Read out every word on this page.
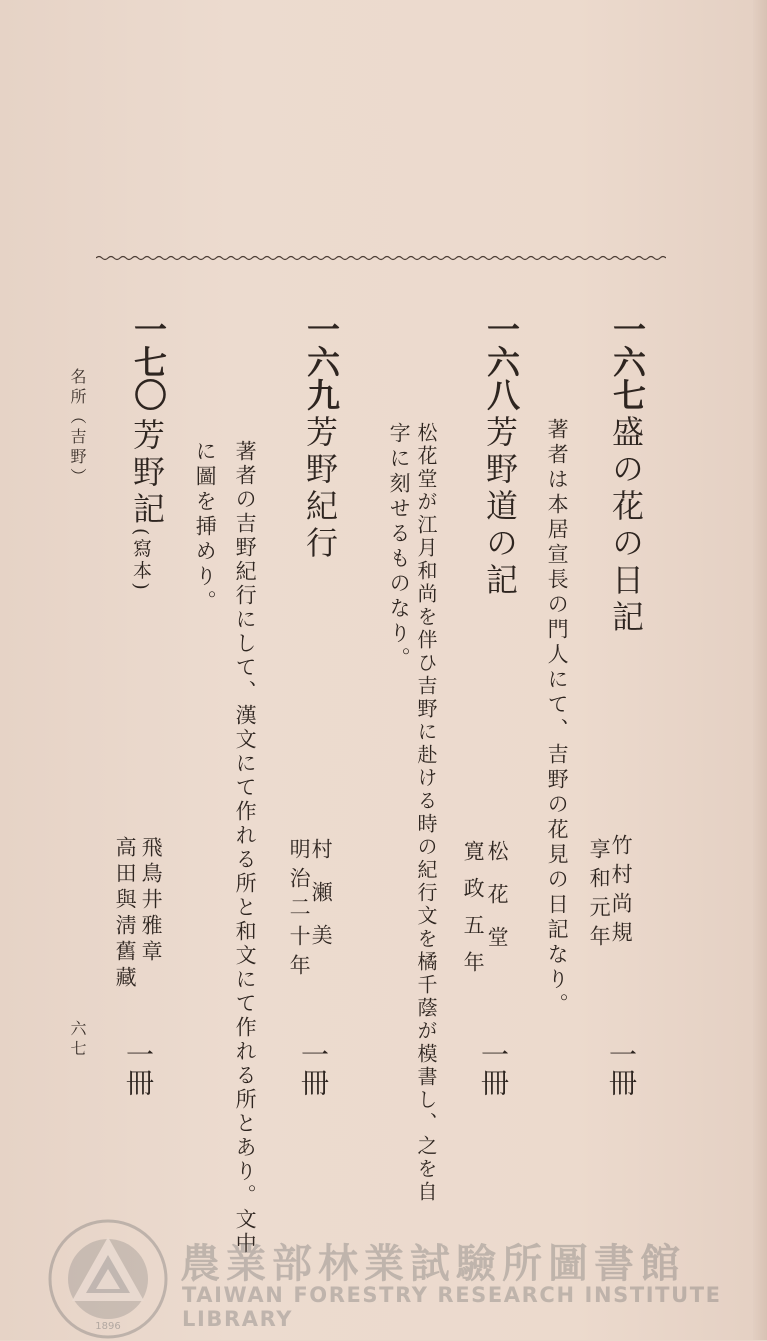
一六七
盛の花の日記
著者は本居宣長の門人にて、吉野の花見の日記なり。 竹村尚規
享和元年
一冊
一六八
芳野道の記
松花堂が江月和尚を伴ひ吉野に赴ける時の紀行文を橘千蔭が模書し、之を自
字に刻せるものなり。
松花堂
寛政五年
一冊
一六九
芳野紀行
著者の吉野紀行にして、漢文にて作れる所と和文にて作れる所とあり。文中
に圖を挿めり。
村瀬美
明治二十年
一冊
一七〇
芳野記
(寫本)
飛鳥井雅章
高田與淸舊藏
一冊
名所（吉野）
六七
1896
農業部林業試驗所圖書館
TAIWAN FORESTRY RESEARCH INSTITUTE LIBRARY
